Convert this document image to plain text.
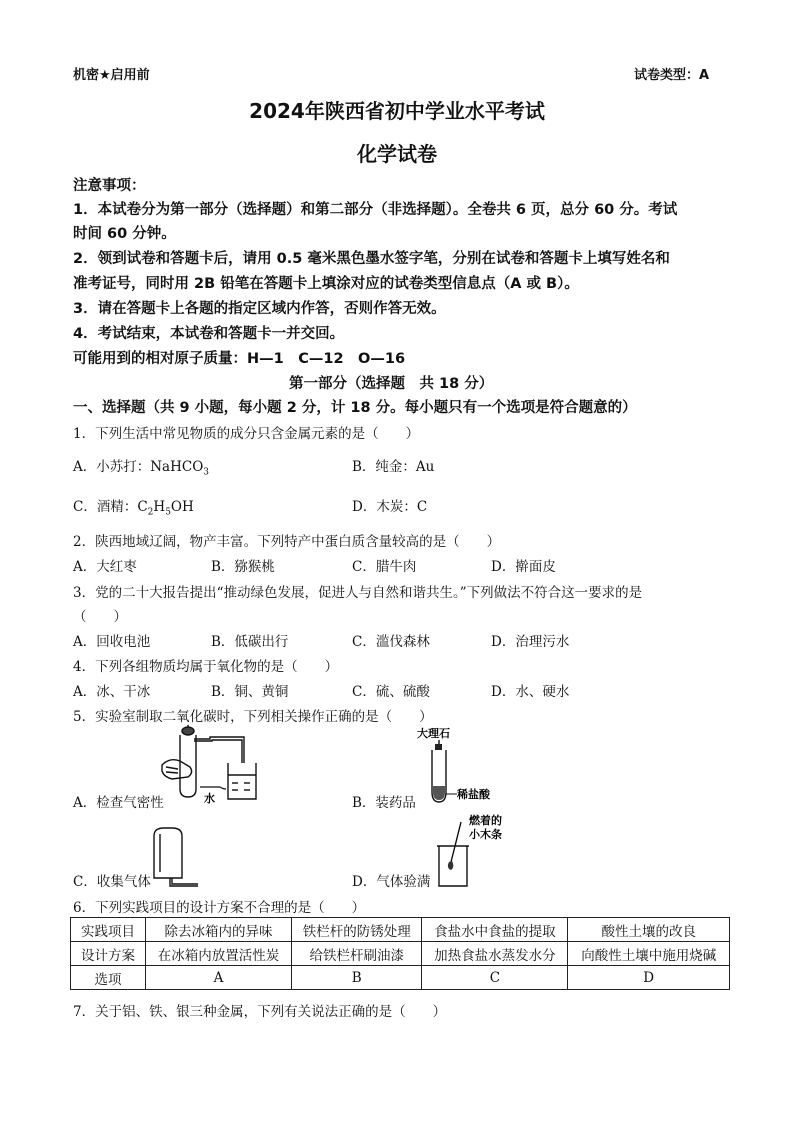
机密★启用前	试卷类型：A
2024年陕西省初中学业水平考试
化学试卷
注意事项：
1．本试卷分为第一部分（选择题）和第二部分（非选择题）。全卷共 6 页，总分 60 分。考试
时间 60 分钟。
2．领到试卷和答题卡后，请用 0.5 毫米黑色墨水签字笔，分别在试卷和答题卡上填写姓名和
准考证号，同时用 2B 铅笔在答题卡上填涂对应的试卷类型信息点（A 或 B）。
3．请在答题卡上各题的指定区域内作答，否则作答无效。
4．考试结束，本试卷和答题卡一并交回。
可能用到的相对原子质量：H—1　C—12　O—16
第一部分（选择题　共 18 分）
一、选择题（共 9 小题，每小题 2 分，计 18 分。每小题只有一个选项是符合题意的）
1．下列生活中常见物质的成分只含金属元素的是（　　）
A．小苏打：NaHCO$_3$	B．纯金：Au
C．酒精：$C_2H_5OH$	D．木炭：C
2．陕西地域辽阔，物产丰富。下列特产中蛋白质含量较高的是（　　）
A．大红枣	B．猕猴桃	C．腊牛肉	D．擀面皮
3．党的二十大报告提出“推动绿色发展，促进人与自然和谐共生。”下列做法不符合这一要求的是
（　　）
A．回收电池	B．低碳出行	C．滥伐森林	D．治理污水
4．下列各组物质均属于氧化物的是（　　）
A．冰、干冰	B．铜、黄铜	C．硫、硫酸	D．水、硬水
5．实验室制取二氧化碳时，下列相关操作正确的是（　　）
水
A．检查气密性
大理石
稀盐酸
B．装药品
C．收集气体
燃着的
小木条
D．气体验满
6．下列实践项目的设计方案不合理的是（　　）
实践项目	除去冰箱内的异味	铁栏杆的防锈处理	食盐水中食盐的提取	酸性土壤的改良
设计方案	在冰箱内放置活性炭	给铁栏杆刷油漆	加热食盐水蒸发水分	向酸性土壤中施用烧碱
选项	A	B	C	D
7．关于铝、铁、银三种金属，下列有关说法正确的是（　　）
